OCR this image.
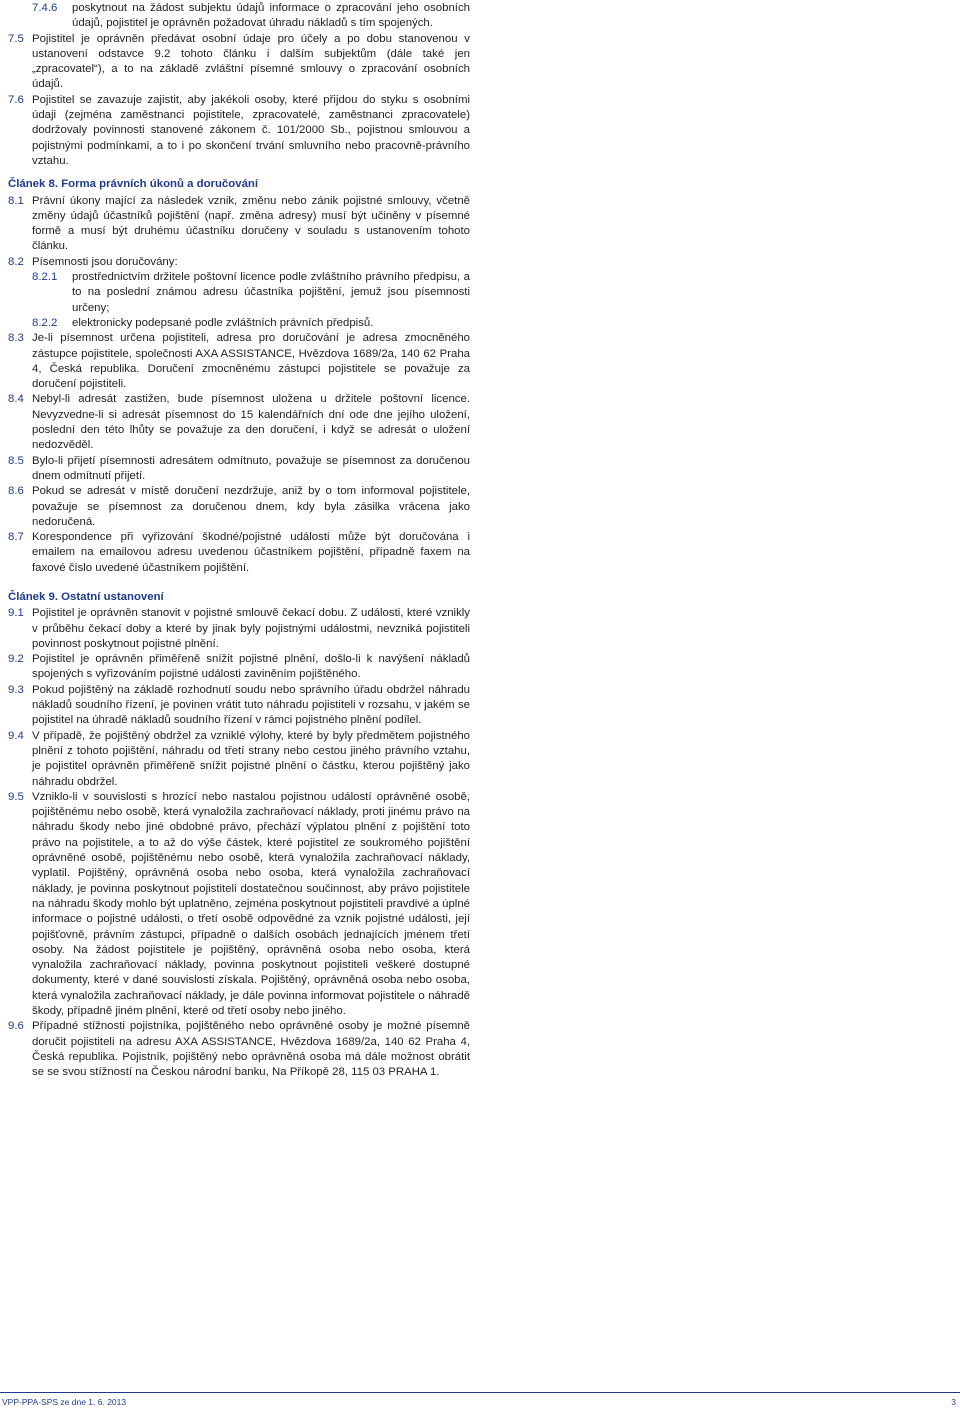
7.4.6	poskytnout na žádost subjektu údajů informace o zpracování jeho osobních údajů, pojistitel je oprávněn požadovat úhradu nákladů s tím spojených.
7.5 Pojistitel je oprávněn předávat osobní údaje pro účely a po dobu stanovenou v ustanovení odstavce 9.2 tohoto článku i dalším subjektům (dále také jen „zpracovatel“), a to na základě zvláštní písemné smlouvy o zpracování osobních údajů.
7.6 Pojistitel se zavazuje zajistit, aby jakékoli osoby, které přijdou do styku s osobními údaji (zejména zaměstnanci pojistitele, zpracovatelé, zaměstnanci zpracovatele) dodržovaly povinnosti stanovené zákonem č. 101/2000 Sb., pojistnou smlouvou a pojistnými podmínkami, a to i po skončení trvání smluvního nebo pracovně-právního vztahu.
Článek 8. Forma právních úkonů a doručování
8.1 Právní úkony mající za následek vznik, změnu nebo zánik pojistné smlouvy, včetně změny údajů účastníků pojištění (např. změna adresy) musí být učiněny v písemné formě a musí být druhému účastníku doručeny v souladu s ustanovením tohoto článku.
8.2 Písemnosti jsou doručovány:
8.2.1	prostřednictvím držitele poštovní licence podle zvláštního právního předpisu, a to na poslední známou adresu účastníka pojištění, jemuž jsou písemnosti určeny;
8.2.2	elektronicky podepsané podle zvláštních právních předpisů.
8.3 Je-li písemnost určena pojistiteli, adresa pro doručování je adresa zmocněného zástupce pojistitele, společnosti AXA ASSISTANCE, Hvězdova 1689/2a, 140 62 Praha 4, Česká republika. Doručení zmocněnému zástupci pojistitele se považuje za doručení pojistiteli.
8.4 Nebyl-li adresát zastižen, bude písemnost uložena u držitele poštovní licence. Nevyzvedne-li si adresát písemnost do 15 kalendářních dní ode dne jejího uložení, poslední den této lhůty se považuje za den doručení, i když se adresát o uložení nedozvěděl.
8.5 Bylo-li přijetí písemnosti adresátem odmítnuto, považuje se písemnost za doručenou dnem odmítnutí přijetí.
8.6 Pokud se adresát v místě doručení nezdržuje, aniž by o tom informoval pojistitele, považuje se písemnost za doručenou dnem, kdy byla zásilka vrácena jako nedoručená.
8.7 Korespondence při vyřizování škodné/pojistné události může být doručována i emailem na emailovou adresu uvedenou účastníkem pojištění, případně faxem na faxové číslo uvedené účastníkem pojištění.
Článek 9. Ostatní ustanovení
9.1 Pojistitel je oprávněn stanovit v pojistné smlouvě čekací dobu. Z události, které vznikly v průběhu čekací doby a které by jinak byly pojistnými událostmi, nevzniká pojistiteli povinnost poskytnout pojistné plnění.
9.2 Pojistitel je oprávněn přiměřeně snížit pojistné plnění, došlo-li k navýšení nákladů spojených s vyřizováním pojistné události zaviněním pojištěného.
9.3 Pokud pojištěný na základě rozhodnutí soudu nebo správního úřadu obdržel náhradu nákladů soudního řízení, je povinen vrátit tuto náhradu pojistiteli v rozsahu, v jakém se pojistitel na úhradě nákladů soudního řízení v rámci pojistného plnění podílel.
9.4 V případě, že pojištěný obdržel za vzniklé výlohy, které by byly předmětem pojistného plnění z tohoto pojištění, náhradu od třetí strany nebo cestou jiného právního vztahu, je pojistitel oprávněn přiměřeně snížit pojistné plnění o částku, kterou pojištěný jako náhradu obdržel.
9.5 Vzniklo-li v souvislosti s hrozící nebo nastalou pojistnou událostí oprávněné osobě, pojištěnému nebo osobě, která vynaložila zachraňovací náklady, proti jinému právo na náhradu škody nebo jiné obdobné právo, přechází výplatou plnění z pojištění toto právo na pojistitele, a to až do výše částek, které pojistitel ze soukromého pojištění oprávněné osobě, pojištěnému nebo osobě, která vynaložila zachraňovací náklady, vyplatil. Pojištěný, oprávněná osoba nebo osoba, která vynaložila zachraňovací náklady, je povinna poskytnout pojistiteli dostatečnou součinnost, aby právo pojistitele na náhradu škody mohlo být uplatněno, zejména poskytnout pojistiteli pravdivé a úplné informace o pojistné události, o třetí osobě odpovědné za vznik pojistné události, její pojišťovně, právním zástupci, případně o dalších osobách jednajících jménem třetí osoby. Na žádost pojistitele je pojištěný, oprávněná osoba nebo osoba, která vynaložila zachraňovací náklady, povinna poskytnout pojistiteli veškeré dostupné dokumenty, které v dané souvislosti získala. Pojištěný, oprávněná osoba nebo osoba, která vynaložila zachraňovací náklady, je dále povinna informovat pojistitele o náhradě škody, případně jiném plnění, které od třetí osoby nebo jiného.
9.6 Případné stížnosti pojistníka, pojištěného nebo oprávněné osoby je možné písemně doručit pojistiteli na adresu AXA ASSISTANCE, Hvězdova 1689/2a, 140 62 Praha 4, Česká republika. Pojistník, pojištěný nebo oprávněná osoba má dále možnost obrátit se se svou stížností na Českou národní banku, Na Příkopě 28, 115 03 PRAHA 1.
VPP-PPA-SPS ze dne 1. 6. 2013	3
